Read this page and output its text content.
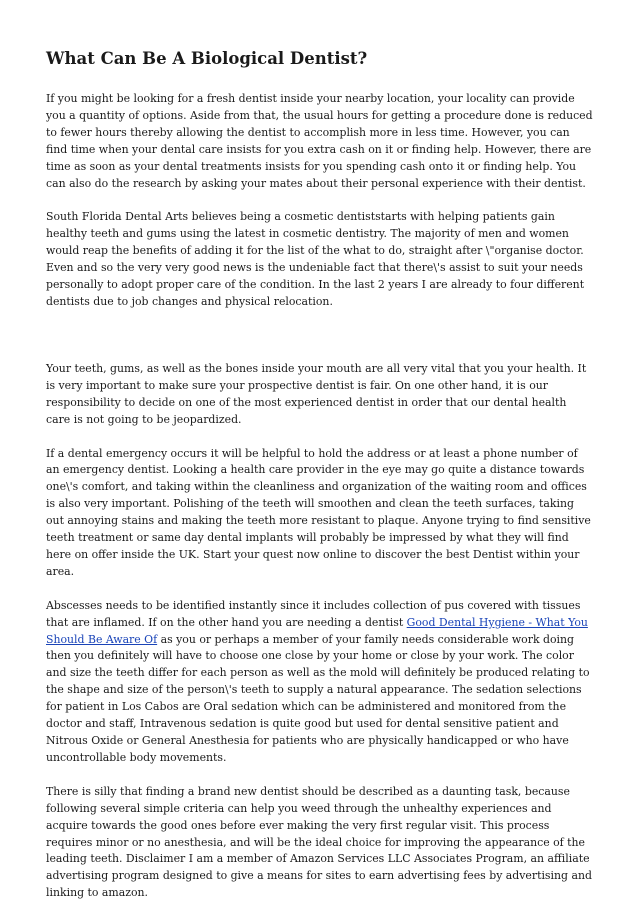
What Can Be A Biological Dentist?

If you might be looking for a fresh dentist inside your nearby location, your locality can provide you a quantity of options. Aside from that, the usual hours for getting a procedure done is reduced to fewer hours thereby allowing the dentist to accomplish more in less time. However, you can find time when your dental care insists for you extra cash on it or finding help. However, there are time as soon as your dental treatments insists for you spending cash onto it or finding help. You can also do the research by asking your mates about their personal experience with their dentist.

South Florida Dental Arts believes being a cosmetic dentiststarts with helping patients gain healthy teeth and gums using the latest in cosmetic dentistry. The majority of men and women would reap the benefits of adding it for the list of the what to do, straight after \"organise doctor. Even and so the very very good news is the undeniable fact that there\'s assist to suit your needs personally to adopt proper care of the condition. In the last 2 years I are already to four different dentists due to job changes and physical relocation.

Your teeth, gums, as well as the bones inside your mouth are all very vital that you your health. It is very important to make sure your prospective dentist is fair. On one other hand, it is our responsibility to decide on one of the most experienced dentist in order that our dental health care is not going to be jeopardized.

If a dental emergency occurs it will be helpful to hold the address or at least a phone number of an emergency dentist. Looking a health care provider in the eye may go quite a distance towards one\'s comfort, and taking within the cleanliness and organization of the waiting room and offices is also very important. Polishing of the teeth will smoothen and clean the teeth surfaces, taking out annoying stains and making the teeth more resistant to plaque. Anyone trying to find sensitive teeth treatment or same day dental implants will probably be impressed by what they will find here on offer inside the UK. Start your quest now online to discover the best Dentist within your area.

Abscesses needs to be identified instantly since it includes collection of pus covered with tissues that are inflamed. If on the other hand you are needing a dentist Good Dental Hygiene - What You Should Be Aware Of as you or perhaps a member of your family needs considerable work doing then you definitely will have to choose one close by your home or close by your work. The color and size the teeth differ for each person as well as the mold will definitely be produced relating to the shape and size of the person\'s teeth to supply a natural appearance. The sedation selections for patient in Los Cabos are Oral sedation which can be administered and monitored from the doctor and staff, Intravenous sedation is quite good but used for dental sensitive patient and Nitrous Oxide or General Anesthesia for patients who are physically handicapped or who have uncontrollable body movements.

There is silly that finding a brand new dentist should be described as a daunting task, because following several simple criteria can help you weed through the unhealthy experiences and acquire towards the good ones before ever making the very first regular visit. This process requires minor or no anesthesia, and will be the ideal choice for improving the appearance of the leading teeth. Disclaimer I am a member of Amazon Services LLC Associates Program, an affiliate advertising program designed to give a means for sites to earn advertising fees by advertising and linking to amazon.
